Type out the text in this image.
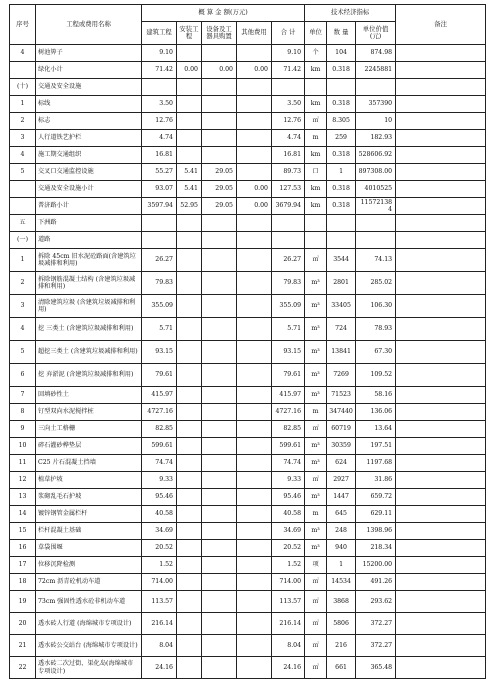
序号	工程或费用名称	概 算 金 额(万元)					技术经济指标			备注
		建筑工程	安装工程	设备及工器具购置	其他费用	合 计	单位	数 量	单位价值(元)	
4	树池箅子	9.10				9.10	个	104	874.98	
	绿化小计	71.42	0.00	0.00	0.00	71.42	km	0.318	2245881	
(十)	交通及安全设施									
1	标线	3.50				3.50	km	0.318	357390	
2	标志	12.76				12.76	㎡	8.305	10	
3	人行道铁艺护栏	4.74				4.74	m	259	182.93	
4	施工期交通组织	16.81				16.81	km	0.318	528606.92	
5	交叉口交通监控设施	55.27	5.41	29.05		89.73	口	1	897308.00	
	交通及安全设施小计	93.07	5.41	29.05	0.00	127.53	km	0.318	4010525	
	普济路小计	3597.94	52.95	29.05	0.00	3679.94	km	0.318	11572138 4	
五	下洲路									
(一)	道路									
1	拆除 45cm 旧水泥砼路面(含建筑垃圾减排和利用)	26.27				26.27	㎡	3544	74.13	
2	拆除钢筋混凝土结构 (含建筑垃圾减排和利用)	79.83				79.83	m³	2801	285.02	
3	清除建筑垃圾 (含建筑垃圾减排和利用)	355.09				355.09	m³	33405	106.30	
4	挖 三类土 (含建筑垃圾减排和利用)	5.71				5.71	m³	724	78.93	
5	超挖三类土 (含建筑垃圾减排和利用)	93.15				93.15	m³	13841	67.30	
6	挖 弃淤泥 (含建筑垃圾减排和利用)	79.61				79.61	m³	7269	109.52	
7	回填砂性土	415.97				415.97	m³	71523	58.16	
8	钉型双向水泥搅拌桩	4727.16				4727.16	m	347440	136.06	
9	三向土工格栅	82.85				82.85	㎡	60719	13.64	
10	碎石灌砂桦垫层	599.61				599.61	m³	30359	197.51	
11	C25 片石混凝土挡墙	74.74				74.74	m³	624	1197.68	
12	植草护坡	9.33				9.33	㎡	2927	31.86	
13	浆砌乱毛石护坡	95.46				95.46	m³	1447	659.72	
14	镀锌钢管金属栏杆	40.58				40.58	m	645	629.11	
15	栏杆混凝土基础	34.69				34.69	m³	248	1398.96	
16	草袋围堰	20.52				20.52	m³	940	218.34	
17	位移沉降检测	1.52				1.52	项	1	15200.00	
18	72cm 沥青砼机动车道	714.00				714.00	㎡	14534	491.26	
19	73cm 强固性透水砼非机动车道	113.57				113.57	㎡	3868	293.62	
20	透水砖人行道 (海绵城市专项设计)	216.14				216.14	㎡	5806	372.27	
21	透水砖公交站台 (海绵城市专项设计)	8.04				8.04	㎡	216	372.27	
22	透水砖二次过街、渠化岛(海绵城市专项设计)	24.16				24.16	㎡	661	365.48	
